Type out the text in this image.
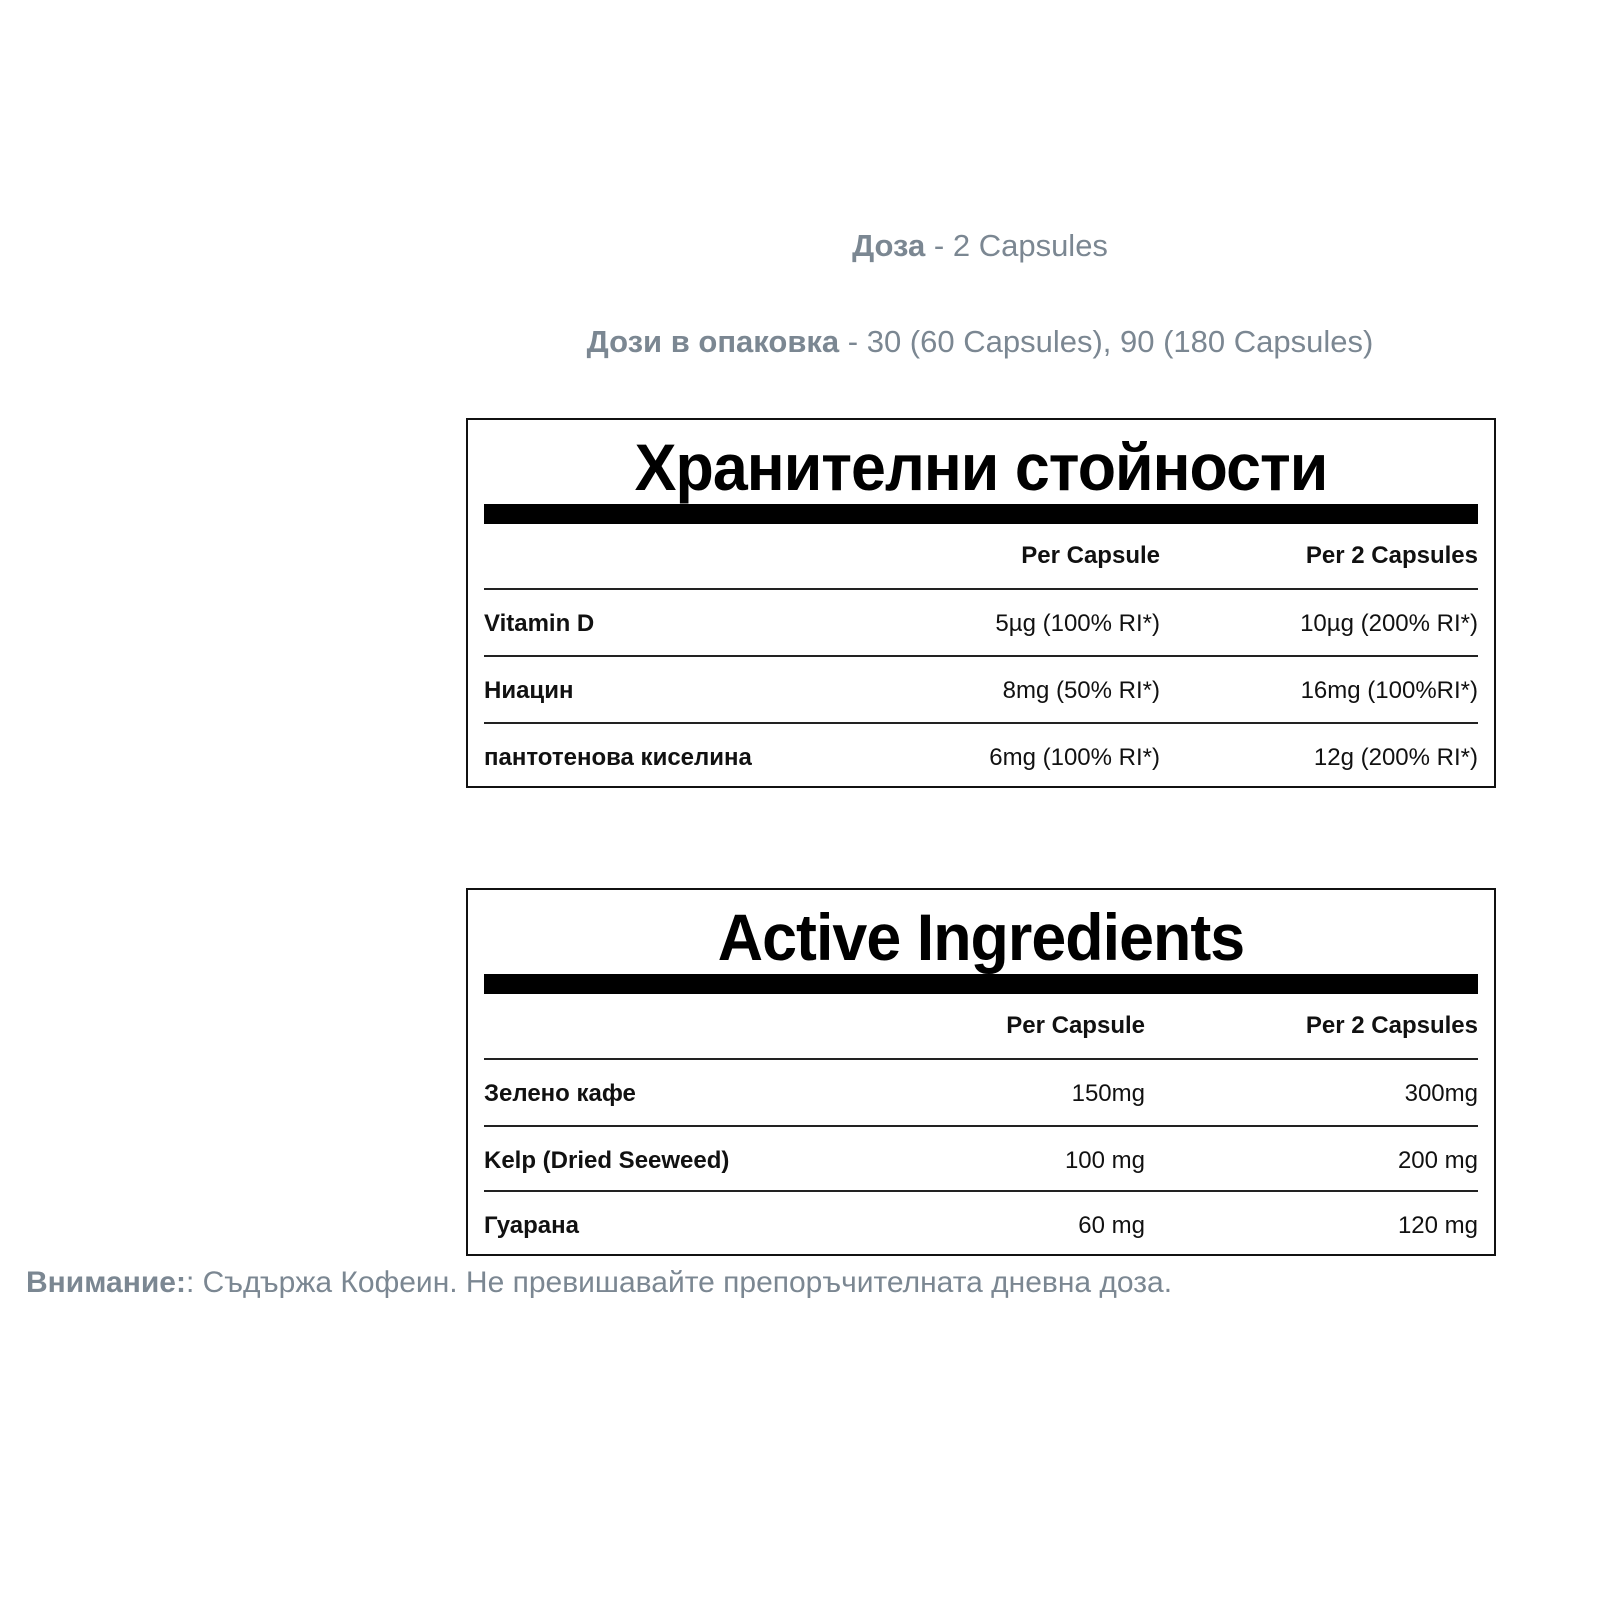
Доза - 2 Capsules
Дози в опаковка - 30 (60 Capsules), 90 (180 Capsules)
Хранителни стойности
Per Capsule	Per 2 Capsules
Vitamin D	5µg (100% RI*)	10µg (200% RI*)
Ниацин	8mg (50% RI*)	16mg (100%RI*)
пантотенова киселина	6mg (100% RI*)	12g (200% RI*)
Active Ingredients
Per Capsule	Per 2 Capsules
Зелено кафе	150mg	300mg
Kelp (Dried Seeweed)	100 mg	200 mg
Гуарана	60 mg	120 mg
Внимание:: Съдържа Кофеин. Не превишавайте препоръчителната дневна доза.
